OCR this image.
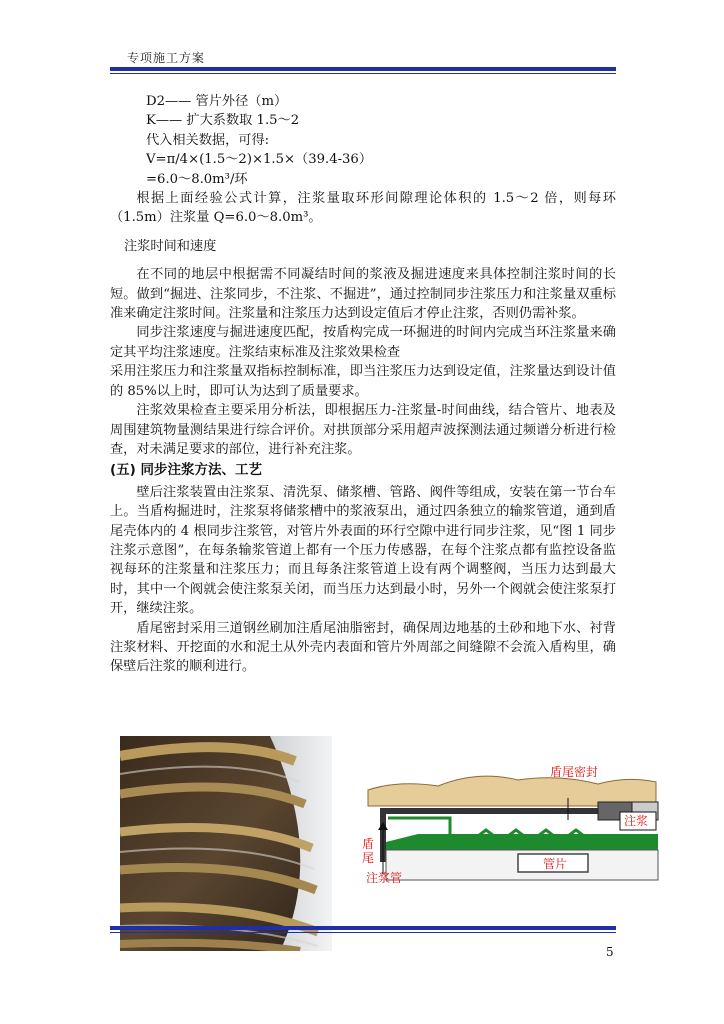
专项施工方案

D2—— 管片外径（m）

K—— 扩大系数取 1.5～2

代入相关数据，可得:

V=π/4×(1.5～2)×1.5×（39.4-36）

=6.0～8.0m³/环

根据上面经验公式计算，注浆量取环形间隙理论体积的 1.5～2 倍，则每环（1.5m）注浆量 Q=6.0～8.0m³。

注浆时间和速度

在不同的地层中根据需不同凝结时间的浆液及掘进速度来具体控制注浆时间的长短。做到“掘进、注浆同步，不注浆、不掘进”，通过控制同步注浆压力和注浆量双重标准来确定注浆时间。注浆量和注浆压力达到设定值后才停止注浆，否则仍需补浆。

同步注浆速度与掘进速度匹配，按盾构完成一环掘进的时间内完成当环注浆量来确定其平均注浆速度。注浆结束标准及注浆效果检查

采用注浆压力和注浆量双指标控制标准，即当注浆压力达到设定值，注浆量达到设计值的 85%以上时，即可认为达到了质量要求。

注浆效果检查主要采用分析法，即根据压力-注浆量-时间曲线，结合管片、地表及周围建筑物量测结果进行综合评价。对拱顶部分采用超声波探测法通过频谱分析进行检查，对未满足要求的部位，进行补充注浆。

(五) 同步注浆方法、工艺

壁后注浆装置由注浆泵、清洗泵、储浆槽、管路、阀件等组成，安装在第一节台车上。当盾构掘进时，注浆泵将储浆槽中的浆液泵出，通过四条独立的输浆管道，通到盾尾壳体内的 4 根同步注浆管，对管片外表面的环行空隙中进行同步注浆，见“图 1 同步注浆示意图”，在每条输浆管道上都有一个压力传感器，在每个注浆点都有监控设备监视每环的注浆量和注浆压力；而且每条注浆管道上设有两个调整阀，当压力达到最大时，其中一个阀就会使注浆泵关闭，而当压力达到最小时，另外一个阀就会使注浆泵打开，继续注浆。

盾尾密封采用三道钢丝刷加注盾尾油脂密封，确保周边地基的土砂和地下水、衬背注浆材料、开挖面的水和泥土从外壳内表面和管片外周部之间缝隙不会流入盾构里，确保壁后注浆的顺利进行。

盾尾密封
注浆
管片
盾
尾
注浆管
5
